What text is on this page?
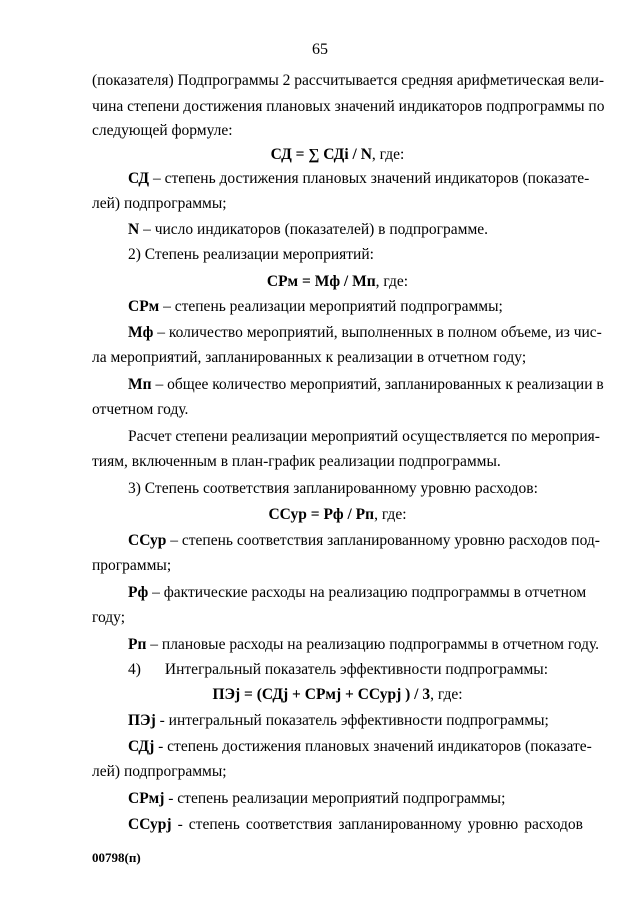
65
(показателя) Подпрограммы 2 рассчитывается средняя арифметическая вели-
чина степени достижения плановых значений индикаторов подпрограммы по
следующей формуле:
СД = ∑ СДi / N, где:
СД – степень достижения плановых значений индикаторов (показате-
лей) подпрограммы;
N – число индикаторов (показателей) в подпрограмме.
2) Степень реализации мероприятий:
СРм = Мф / Мп, где:
СРм – степень реализации мероприятий подпрограммы;
Мф – количество мероприятий, выполненных в полном объеме, из чис-
ла мероприятий, запланированных к реализации в отчетном году;
Мп – общее количество мероприятий, запланированных к реализации в
отчетном году.
Расчет степени реализации мероприятий осуществляется по мероприя-
тиям, включенным в план-график реализации подпрограммы.
3) Степень соответствия запланированному уровню расходов:
ССур = Рф / Рп, где:
ССур – степень соответствия запланированному уровню расходов под-
программы;
Рф – фактические расходы на реализацию подпрограммы в отчетном
году;
Рп – плановые расходы на реализацию подпрограммы в отчетном году.
4) Интегральный показатель эффективности подпрограммы:
ПЭj = (СДj + СРмj + ССурj ) / 3, где:
ПЭj - интегральный показатель эффективности подпрограммы;
СДj - степень достижения плановых значений индикаторов (показате-
лей) подпрограммы;
СРмj - степень реализации мероприятий подпрограммы;
ССурj - степень соответствия запланированному уровню расходов
00798(п)
